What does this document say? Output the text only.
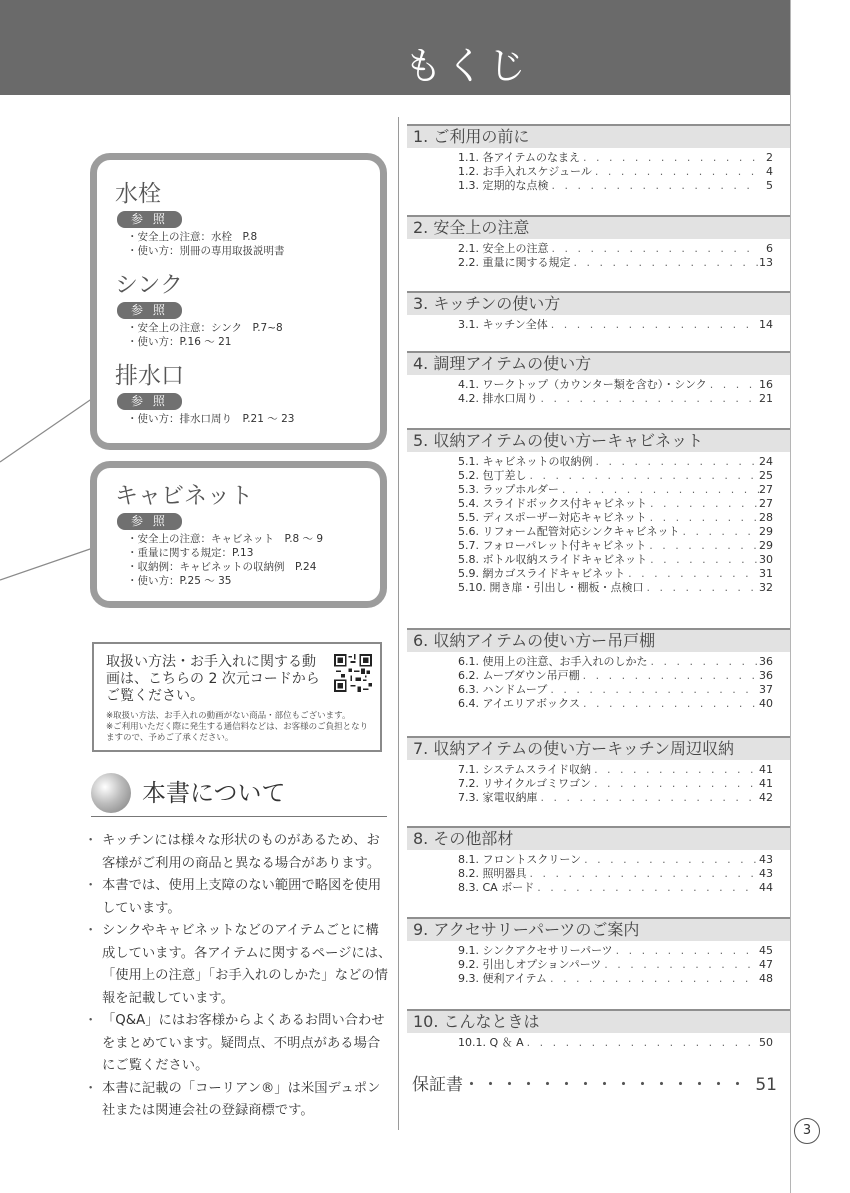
もくじ
水栓
参 照
・安全上の注意：水栓　P.8
・使い方：別冊の専用取扱説明書
シンク
参 照
・安全上の注意：シンク　P.7~8
・使い方：P.16 ～ 21
排水口
参 照
・使い方：排水口周り　P.21 ～ 23
キャビネット
参 照
・安全上の注意：キャビネット　P.8 ～ 9
・重量に関する規定：P.13
・収納例：キャビネットの収納例　P.24
・使い方：P.25 ～ 35
取扱い方法・お手入れに関する動画は、こちらの 2 次元コードからご覧ください。
※取扱い方法、お手入れの動画がない商品・部位もございます。
※ご利用いただく際に発生する通信料などは、お客様のご負担となりますので、予めご了承ください。
本書について
・ キッチンには様々な形状のものがあるため、お客様がご利用の商品と異なる場合があります。
・ 本書では、使用上支障のない範囲で略図を使用しています。
・ シンクやキャビネットなどのアイテムごとに構成しています。各アイテムに関するページには、「使用上の注意」「お手入れのしかた」などの情報を記載しています。
・ 「Q&A」にはお客様からよくあるお問い合わせをまとめています。疑問点、不明点がある場合にご覧ください。
・ 本書に記載の「コーリアン®」は米国デュポン社または関連会社の登録商標です。
1. ご利用の前に
1.1. 各アイテムのなまえ . . .	2
1.2. お手入れスケジュール . . .	4
1.3. 定期的な点検 . . .	5
2. 安全上の注意
2.1. 安全上の注意 . . .	6
2.2. 重量に関する規定 . . .	13
3. キッチンの使い方
3.1. キッチン全体 . . .	14
4. 調理アイテムの使い方
4.1. ワークトップ（カウンター類を含む）・シンク . . .	16
4.2. 排水口周り . . .	21
5. 収納アイテムの使い方ーキャビネット
5.1. キャビネットの収納例 . . .	24
5.2. 包丁差し . . .	25
5.3. ラップホルダー . . .	27
5.4. スライドボックス付キャビネット . . .	27
5.5. ディスポーザー対応キャビネット . . .	28
5.6. リフォーム配管対応シンクキャビネット . . .	29
5.7. フォローパレット付キャビネット . . .	29
5.8. ボトル収納スライドキャビネット . . .	30
5.9. 網カゴスライドキャビネット . . .	31
5.10. 開き扉・引出し・棚板・点検口 . . .	32
6. 収納アイテムの使い方ー吊戸棚
6.1. 使用上の注意、お手入れのしかた . . .	36
6.2. ムーブダウン吊戸棚 . . .	36
6.3. ハンドムーブ . . .	37
6.4. アイエリアボックス . . .	40
7. 収納アイテムの使い方ーキッチン周辺収納
7.1. システムスライド収納 . . .	41
7.2. リサイクルゴミワゴン . . .	41
7.3. 家電収納庫 . . .	42
8. その他部材
8.1. フロントスクリーン . . .	43
8.2. 照明器具 . . .	43
8.3. CA ボード . . .	44
9. アクセサリーパーツのご案内
9.1. シンクアクセサリーパーツ . . .	45
9.2. 引出しオプションパーツ . . .	47
9.3. 便利アイテム . . .	48
10. こんなときは
10.1. Q ＆ A . . .	50
保証書 ・・・・・・・・・・・・・・・・・・・・・・・・・・・・・・	51
3
